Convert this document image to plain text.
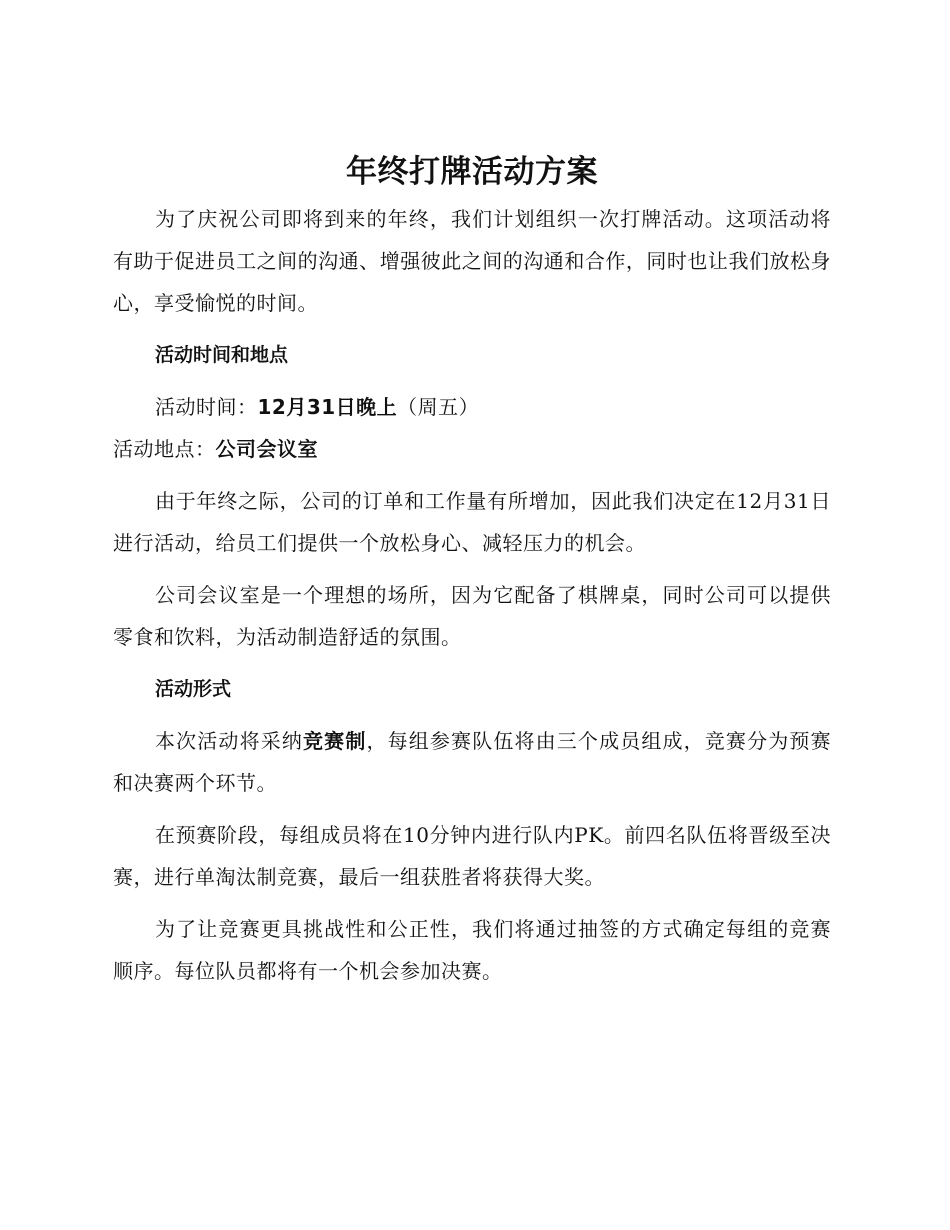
年终打牌活动方案

为了庆祝公司即将到来的年终，我们计划组织一次打牌活动。这项活动将有助于促进员工之间的沟通、增强彼此之间的沟通和合作，同时也让我们放松身心，享受愉悦的时间。

活动时间和地点

活动时间：12月31日晚上（周五）

活动地点：公司会议室

由于年终之际，公司的订单和工作量有所增加，因此我们决定在12月31日进行活动，给员工们提供一个放松身心、减轻压力的机会。

公司会议室是一个理想的场所，因为它配备了棋牌桌，同时公司可以提供零食和饮料，为活动制造舒适的氛围。

活动形式

本次活动将采纳竞赛制，每组参赛队伍将由三个成员组成，竞赛分为预赛和决赛两个环节。

在预赛阶段，每组成员将在10分钟内进行队内PK。前四名队伍将晋级至决赛，进行单淘汰制竞赛，最后一组获胜者将获得大奖。

为了让竞赛更具挑战性和公正性，我们将通过抽签的方式确定每组的竞赛顺序。每位队员都将有一个机会参加决赛。
